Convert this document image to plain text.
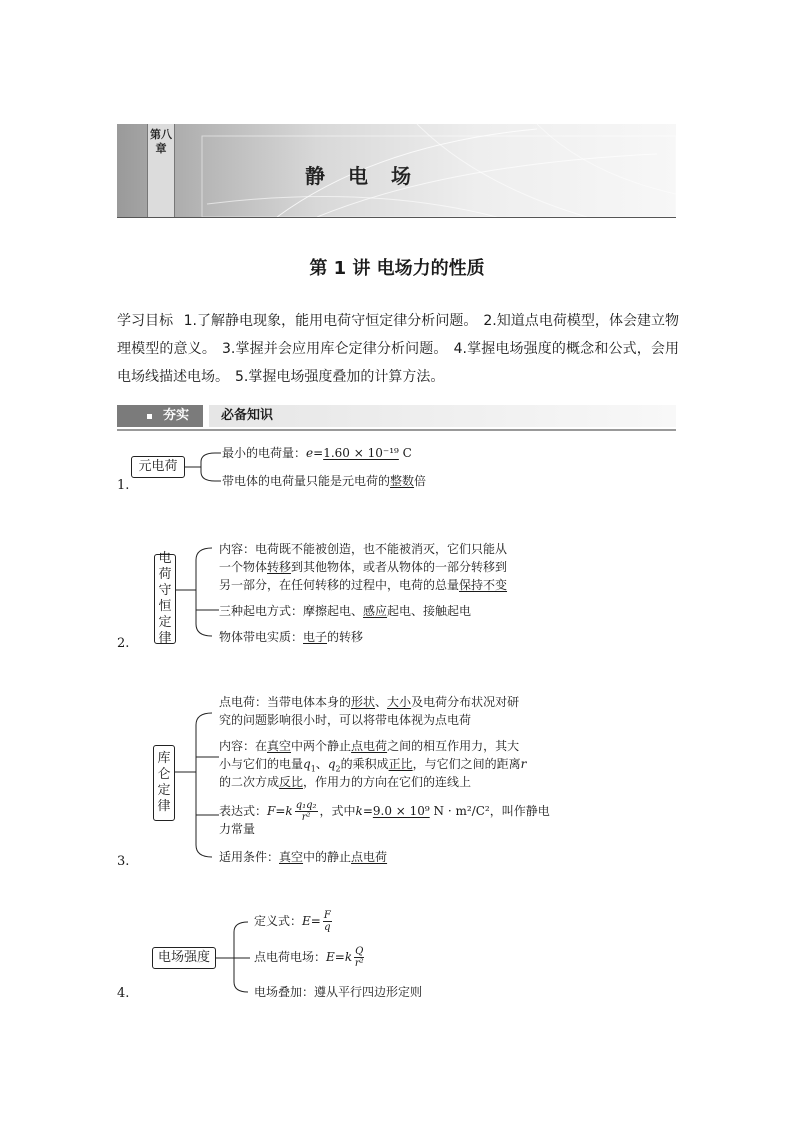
第八章
静 电 场
第 1 讲 电场力的性质
学习目标 1.了解静电现象，能用电荷守恒定律分析问题。 2.知道点电荷模型，体会建立物理模型的意义。 3.掌握并会应用库仑定律分析问题。 4.掌握电场强度的概念和公式，会用电场线描述电场。 5.掌握电场强度叠加的计算方法。
夯实	必备知识
1.
元电荷
最小的电荷量：e=1.60 × 10⁻¹⁹ C
带电体的电荷量只能是元电荷的整数倍
2.
电
荷
守
恒
定
律
内容：电荷既不能被创造，也不能被消灭，它们只能从
一个物体转移到其他物体，或者从物体的一部分转移到
另一部分，在任何转移的过程中，电荷的总量保持不变
三种起电方式：摩擦起电、感应起电、接触起电
物体带电实质：电子的转移
3.
库
仑
定
律
点电荷：当带电体本身的形状、大小及电荷分布状况对研
究的问题影响很小时，可以将带电体视为点电荷
内容：在真空中两个静止点电荷之间的相互作用力，其大
小与它们的电量$q_1$、$q_2$的乘积成正比，与它们之间的距离r
的二次方成反比，作用力的方向在它们的连线上
表达式：$F=k \frac{\text{q₁q₂}}{\text{r²}}$ ，式中k=9.0 × 10⁹ N · m²/C²，叫作静电
力常量
适用条件：真空中的静止点电荷
4.
电场强度
定义式：$E= \frac{F}{q}$
点电荷电场：$E=k \frac{Q}{\text{r²}}$
电场叠加：遵从平行四边形定则
